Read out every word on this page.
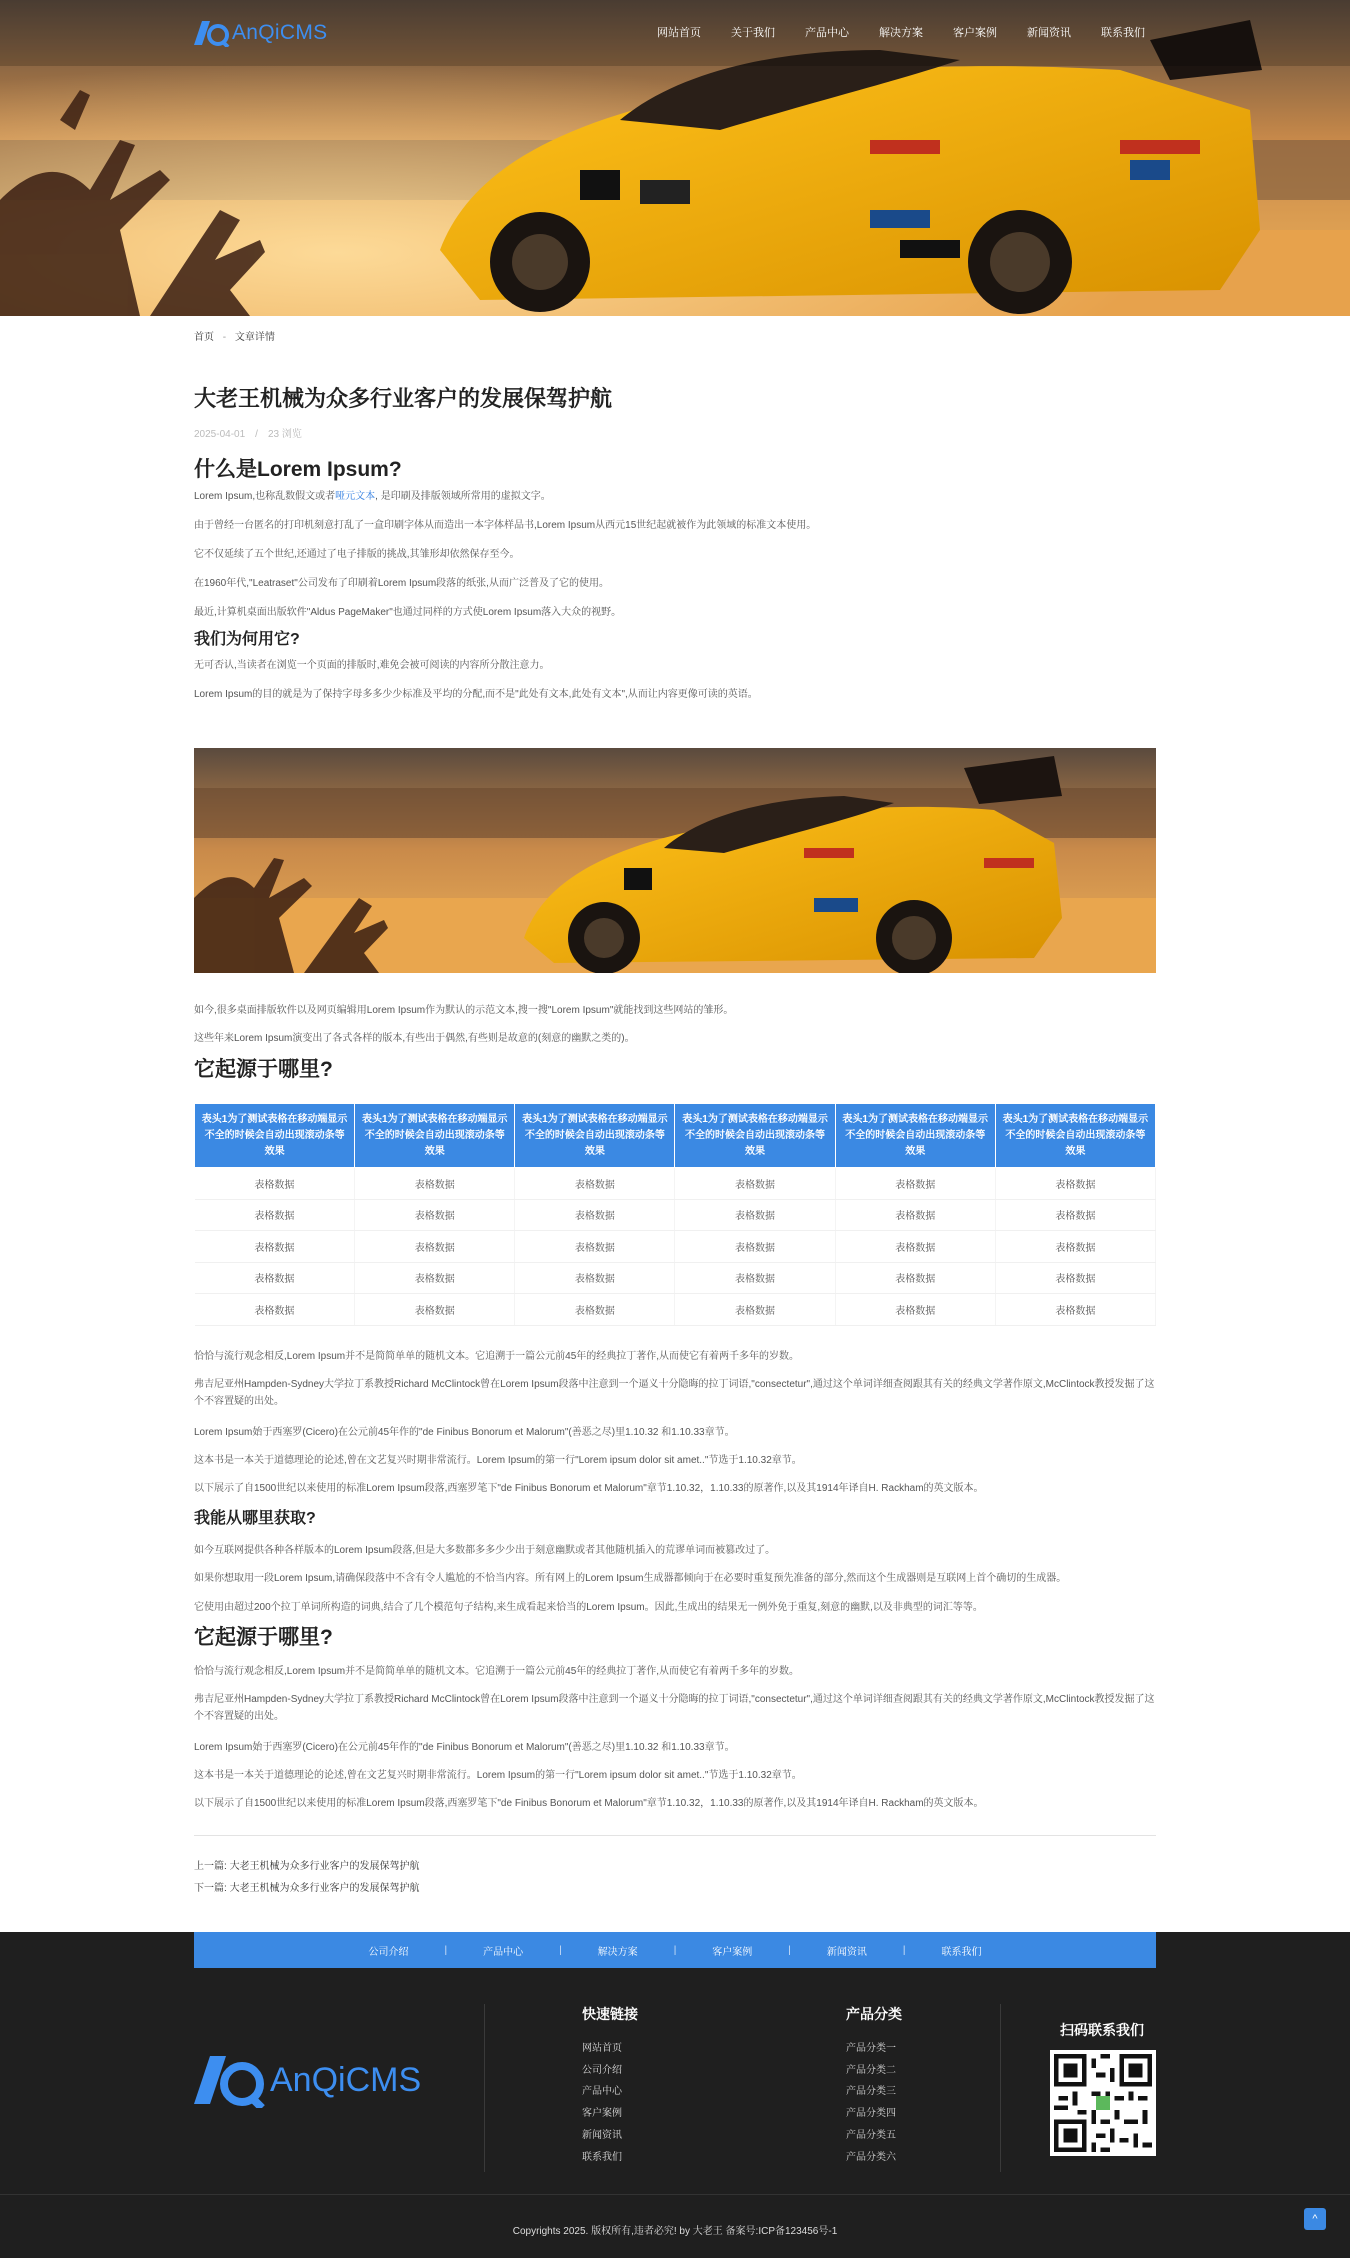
AnQiCMS	网站首页	关于我们	产品中心	解决方案	客户案例	新闻资讯	联系我们
首页 - 文章详情
大老王机械为众多行业客户的发展保驾护航
2025-04-01 / 23 浏览
什么是Lorem Ipsum?

Lorem Ipsum,也称乱数假文或者哑元文本, 是印刷及排版领域所常用的虚拟文字。

由于曾经一台匿名的打印机刻意打乱了一盒印刷字体从而造出一本字体样品书,Lorem Ipsum从西元15世纪起就被作为此领域的标准文本使用。

它不仅延续了五个世纪,还通过了电子排版的挑战,其雏形却依然保存至今。

在1960年代,"Leatraset"公司发布了印刷着Lorem Ipsum段落的纸张,从而广泛普及了它的使用。

最近,计算机桌面出版软件"Aldus PageMaker"也通过同样的方式使Lorem Ipsum落入大众的视野。

我们为何用它?

无可否认,当读者在浏览一个页面的排版时,难免会被可阅读的内容所分散注意力。

Lorem Ipsum的目的就是为了保持字母多多少少标准及平均的分配,而不是"此处有文本,此处有文本",从而让内容更像可读的英语。

如今,很多桌面排版软件以及网页编辑用Lorem Ipsum作为默认的示范文本,搜一搜"Lorem Ipsum"就能找到这些网站的雏形。

这些年来Lorem Ipsum演变出了各式各样的版本,有些出于偶然,有些则是故意的(刻意的幽默之类的)。

它起源于哪里?
表头1为了测试表格在移动端显示不全的时候会自动出现滚动条等效果	表头1为了测试表格在移动端显示不全的时候会自动出现滚动条等效果	表头1为了测试表格在移动端显示不全的时候会自动出现滚动条等效果	表头1为了测试表格在移动端显示不全的时候会自动出现滚动条等效果	表头1为了测试表格在移动端显示不全的时候会自动出现滚动条等效果	表头1为了测试表格在移动端显示不全的时候会自动出现滚动条等效果
表格数据	表格数据	表格数据	表格数据	表格数据	表格数据
表格数据	表格数据	表格数据	表格数据	表格数据	表格数据
表格数据	表格数据	表格数据	表格数据	表格数据	表格数据
表格数据	表格数据	表格数据	表格数据	表格数据	表格数据
表格数据	表格数据	表格数据	表格数据	表格数据	表格数据

恰恰与流行观念相反,Lorem Ipsum并不是简简单单的随机文本。它追溯于一篇公元前45年的经典拉丁著作,从而使它有着两千多年的岁数。

弗吉尼亚州Hampden-Sydney大学拉丁系教授Richard McClintock曾在Lorem Ipsum段落中注意到一个逼义十分隐晦的拉丁词语,"consectetur",通过这个单词详细查阅跟其有关的经典文学著作原文,McClintock教授发掘了这个不容置疑的出处。

Lorem Ipsum始于西塞罗(Cicero)在公元前45年作的"de Finibus Bonorum et Malorum"(善恶之尽)里1.10.32 和1.10.33章节。

这本书是一本关于道德理论的论述,曾在文艺复兴时期非常流行。Lorem Ipsum的第一行"Lorem ipsum dolor sit amet.."节选于1.10.32章节。

以下展示了自1500世纪以来使用的标准Lorem Ipsum段落,西塞罗笔下"de Finibus Bonorum et Malorum"章节1.10.32，1.10.33的原著作,以及其1914年译自H. Rackham的英文版本。

我能从哪里获取?

如今互联网提供各种各样版本的Lorem Ipsum段落,但是大多数都多多少少出于刻意幽默或者其他随机插入的荒谬单词而被篡改过了。

如果你想取用一段Lorem Ipsum,请确保段落中不含有令人尴尬的不恰当内容。所有网上的Lorem Ipsum生成器都倾向于在必要时重复预先准备的部分,然而这个生成器则是互联网上首个确切的生成器。

它使用由超过200个拉丁单词所构造的词典,结合了几个模范句子结构,来生成看起来恰当的Lorem Ipsum。因此,生成出的结果无一例外免于重复,刻意的幽默,以及非典型的词汇等等。

它起源于哪里?

恰恰与流行观念相反,Lorem Ipsum并不是简简单单的随机文本。它追溯于一篇公元前45年的经典拉丁著作,从而使它有着两千多年的岁数。

弗吉尼亚州Hampden-Sydney大学拉丁系教授Richard McClintock曾在Lorem Ipsum段落中注意到一个逼义十分隐晦的拉丁词语,"consectetur",通过这个单词详细查阅跟其有关的经典文学著作原文,McClintock教授发掘了这个不容置疑的出处。

Lorem Ipsum始于西塞罗(Cicero)在公元前45年作的"de Finibus Bonorum et Malorum"(善恶之尽)里1.10.32 和1.10.33章节。

这本书是一本关于道德理论的论述,曾在文艺复兴时期非常流行。Lorem Ipsum的第一行"Lorem ipsum dolor sit amet.."节选于1.10.32章节。

以下展示了自1500世纪以来使用的标准Lorem Ipsum段落,西塞罗笔下"de Finibus Bonorum et Malorum"章节1.10.32，1.10.33的原著作,以及其1914年译自H. Rackham的英文版本。

上一篇: 大老王机械为众多行业客户的发展保驾护航
下一篇: 大老王机械为众多行业客户的发展保驾护航
公司介绍	|	产品中心	|	解决方案	|	客户案例	|	新闻资讯	|	联系我们
AnQiCMS
快速链接
网站首页
公司介绍
产品中心
客户案例
新闻资讯
联系我们
产品分类
产品分类一
产品分类二
产品分类三
产品分类四
产品分类五
产品分类六
扫码联系我们
Copyrights 2025. 版权所有,违者必究! by 大老王 备案号:ICP备123456号-1
^
